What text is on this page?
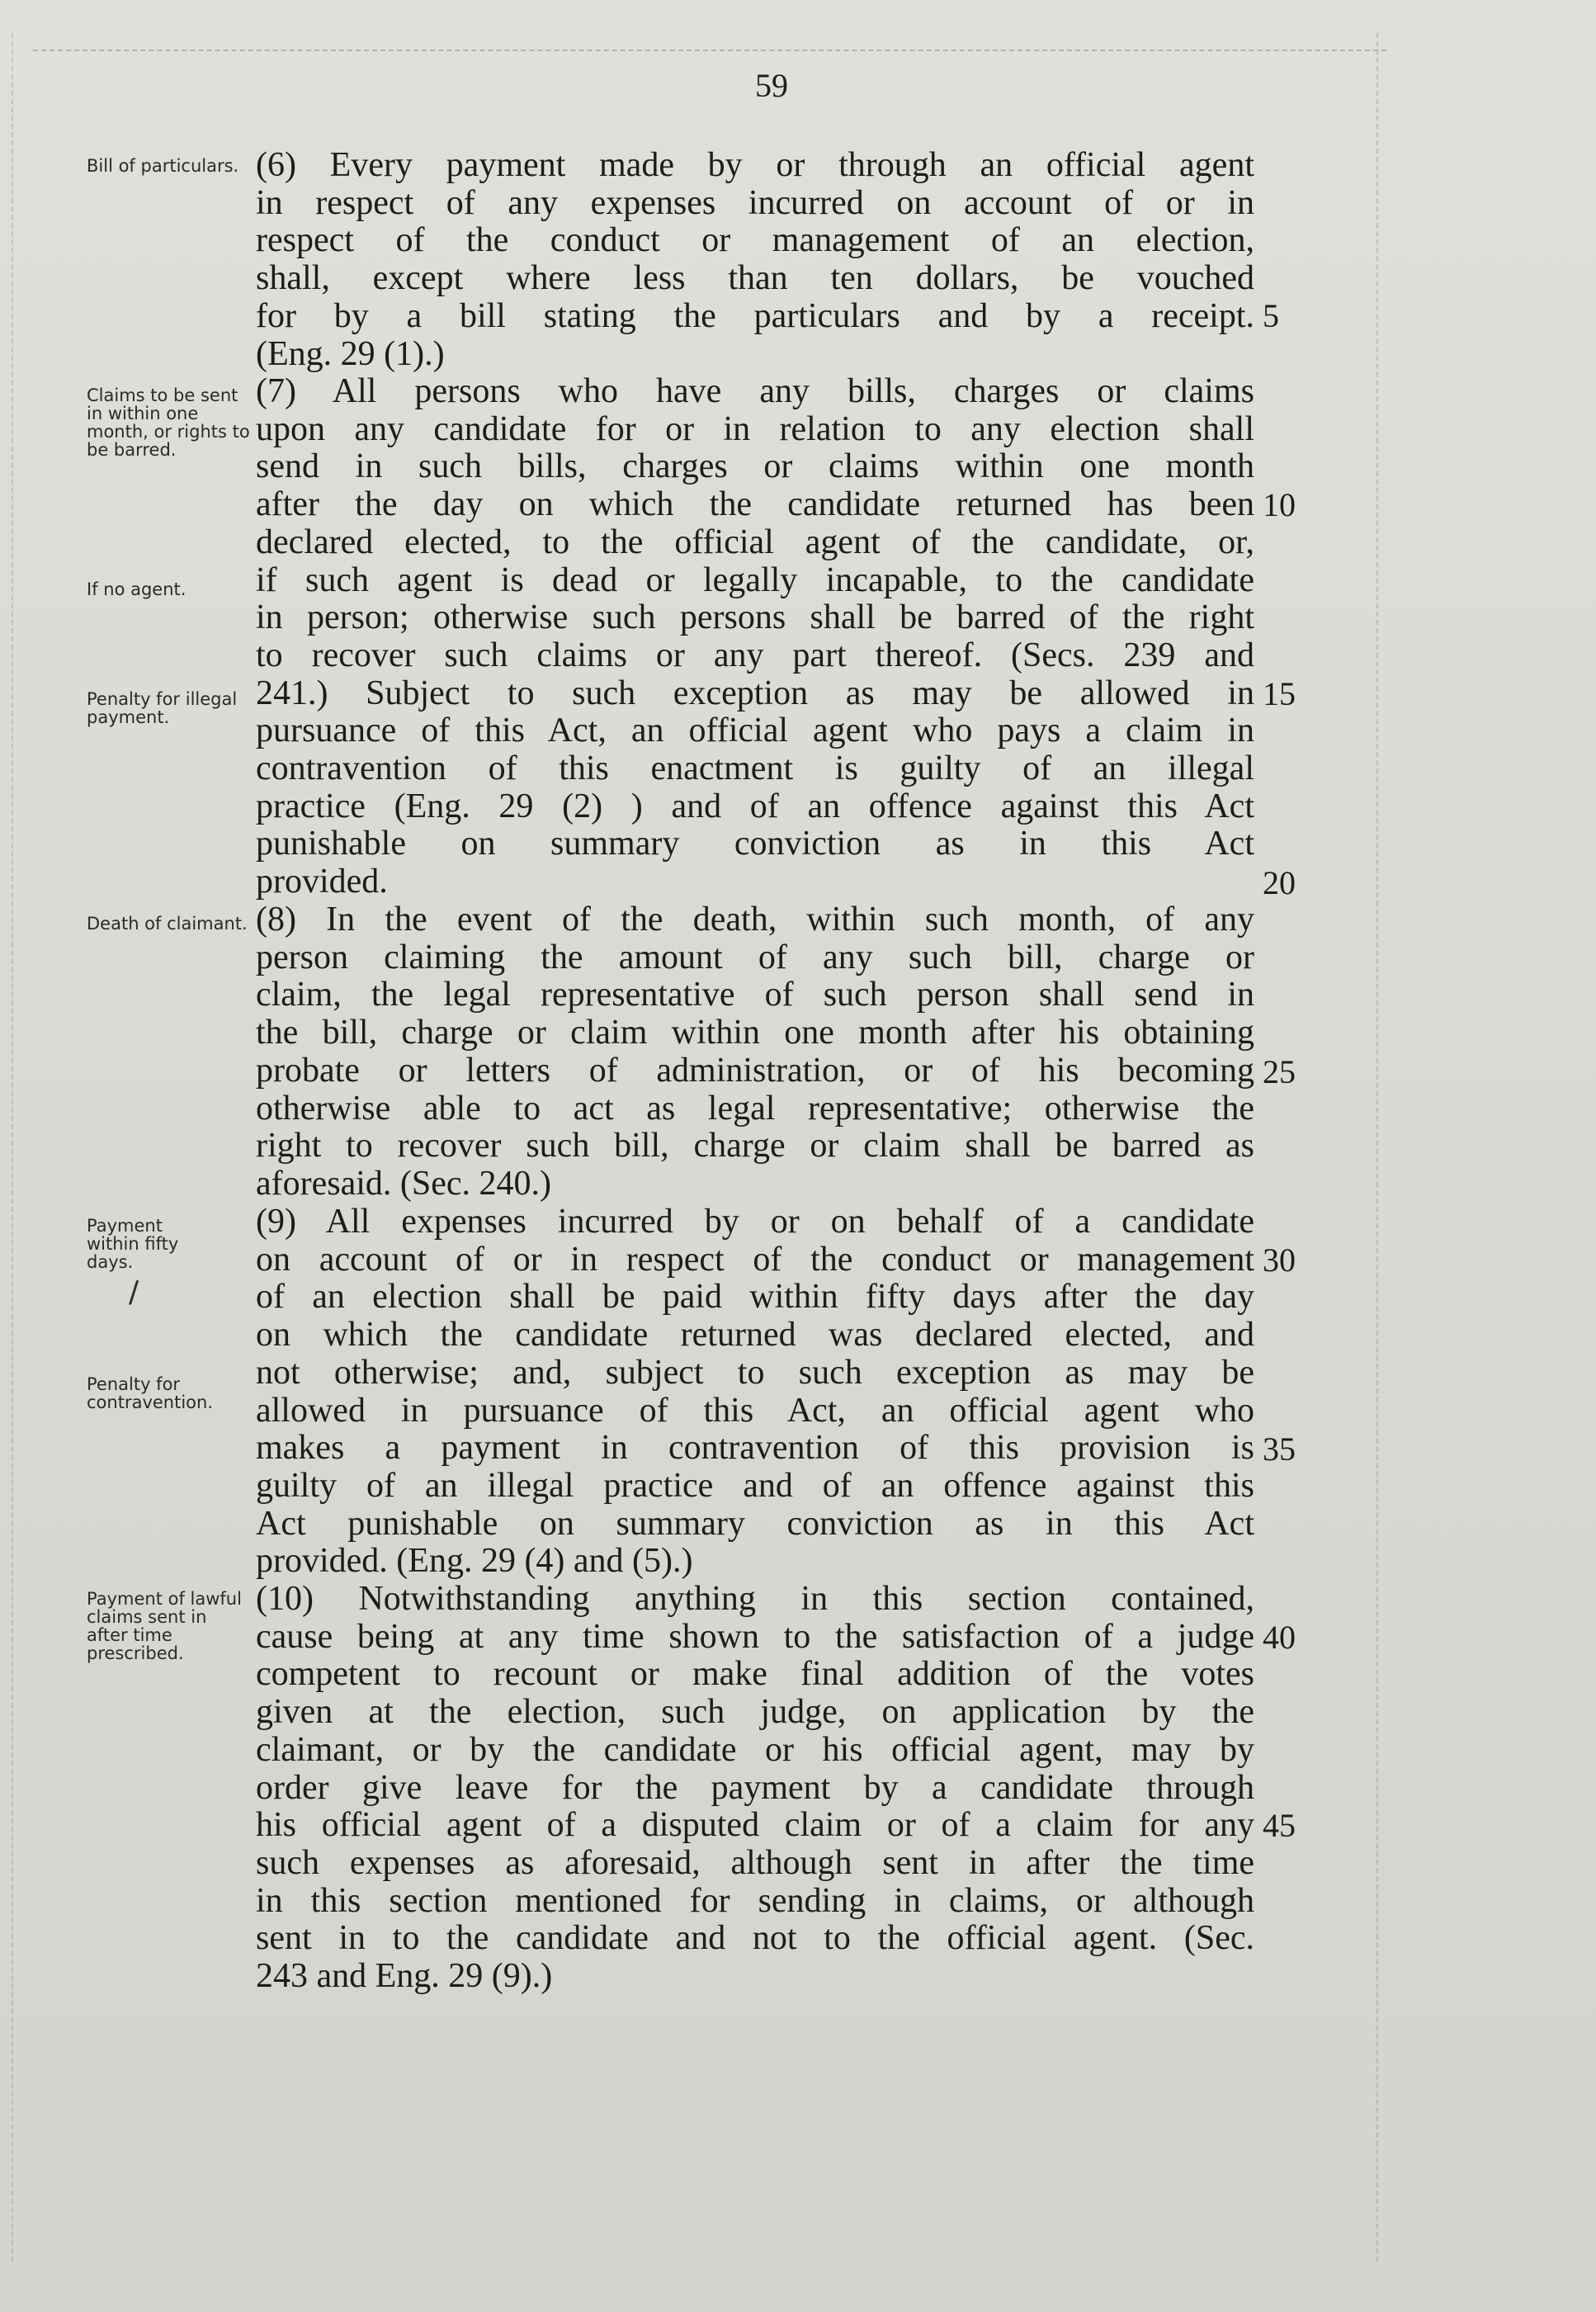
59
Bill of particulars.
Claims to be sent in within one month, or rights to be barred.
If no agent.
Penalty for illegal payment.
Death of claimant.
Payment within fifty days.
/
Penalty for contravention.
Payment of lawful claims sent in after time prescribed.
(6) Every payment made by or through an official agent
in respect of any expenses incurred on account of or in
respect of the conduct or management of an election,
shall, except where less than ten dollars, be vouched
for by a bill stating the particulars and by a receipt.
(Eng. 29 (1).)
(7) All persons who have any bills, charges or claims
upon any candidate for or in relation to any election shall
send in such bills, charges or claims within one month
after the day on which the candidate returned has been
declared elected, to the official agent of the candidate, or,
if such agent is dead or legally incapable, to the candidate
in person; otherwise such persons shall be barred of the right
to recover such claims or any part thereof. (Secs. 239 and
241.) Subject to such exception as may be allowed in
pursuance of this Act, an official agent who pays a claim in
contravention of this enactment is guilty of an illegal
practice (Eng. 29 (2) ) and of an offence against this Act
punishable on summary conviction as in this Act
provided.
(8) In the event of the death, within such month, of any
person claiming the amount of any such bill, charge or
claim, the legal representative of such person shall send in
the bill, charge or claim within one month after his obtaining
probate or letters of administration, or of his becoming
otherwise able to act as legal representative; otherwise the
right to recover such bill, charge or claim shall be barred as
aforesaid. (Sec. 240.)
(9) All expenses incurred by or on behalf of a candidate
on account of or in respect of the conduct or management
of an election shall be paid within fifty days after the day
on which the candidate returned was declared elected, and
not otherwise; and, subject to such exception as may be
allowed in pursuance of this Act, an official agent who
makes a payment in contravention of this provision is
guilty of an illegal practice and of an offence against this
Act punishable on summary conviction as in this Act
provided. (Eng. 29 (4) and (5).)
(10) Notwithstanding anything in this section contained,
cause being at any time shown to the satisfaction of a judge
competent to recount or make final addition of the votes
given at the election, such judge, on application by the
claimant, or by the candidate or his official agent, may by
order give leave for the payment by a candidate through
his official agent of a disputed claim or of a claim for any
such expenses as aforesaid, although sent in after the time
in this section mentioned for sending in claims, or although
sent in to the candidate and not to the official agent. (Sec.
243 and Eng. 29 (9).)
5
10
15
20
25
30
35
40
45
